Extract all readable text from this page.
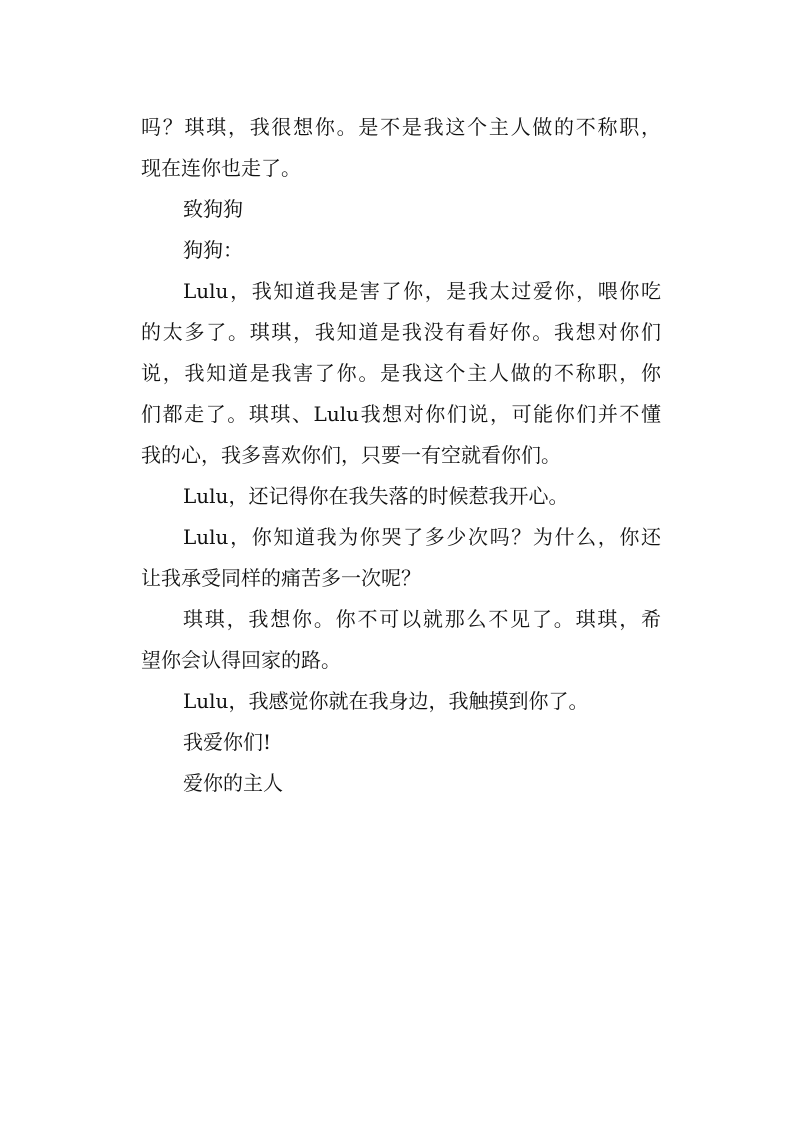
吗？琪琪，我很想你。是不是我这个主人做的不称职，
现在连你也走了。
致狗狗
狗狗：
Lulu，我知道我是害了你，是我太过爱你，喂你吃
的太多了。琪琪，我知道是我没有看好你。我想对你们
说，我知道是我害了你。是我这个主人做的不称职，你
们都走了。琪琪、Lulu我想对你们说，可能你们并不懂
我的心，我多喜欢你们，只要一有空就看你们。
Lulu，还记得你在我失落的时候惹我开心。
Lulu，你知道我为你哭了多少次吗？为什么，你还
让我承受同样的痛苦多一次呢？
琪琪，我想你。你不可以就那么不见了。琪琪，希
望你会认得回家的路。
Lulu，我感觉你就在我身边，我触摸到你了。
我爱你们!
爱你的主人
